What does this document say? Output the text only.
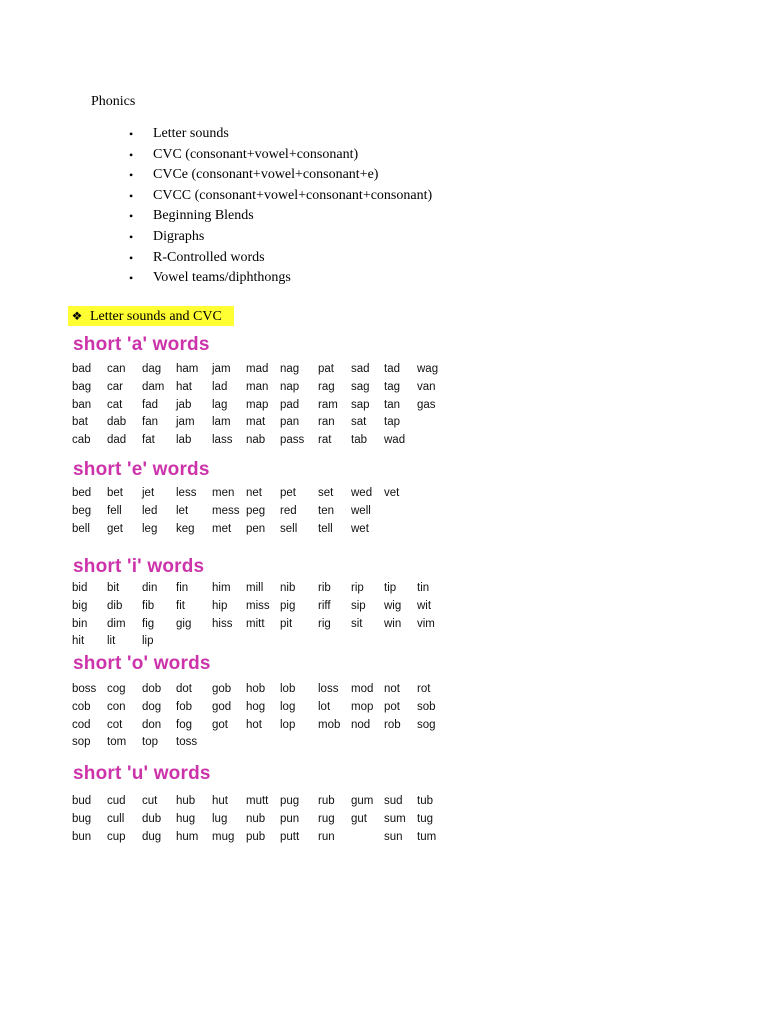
Phonics
• Letter sounds
• CVC (consonant+vowel+consonant)
• CVCe (consonant+vowel+consonant+e)
• CVCC (consonant+vowel+consonant+consonant)
• Beginning Blends
• Digraphs
• R-Controlled words
• Vowel teams/diphthongs
❖ Letter sounds and CVC
short 'a' words
bad can dag ham jam mad nag pat sad tad wag
bag car dam hat lad man nap rag sag tag van
ban cat fad jab lag map pad ram sap tan gas
bat dab fan jam lam mat pan ran sat tap
cab dad fat lab lass nab pass rat tab wad
short 'e' words
bed bet jet less men net pet set wed vet
beg fell led let mess peg red ten well
bell get leg keg met pen sell tell wet
short 'i' words
bid bit din fin him mill nib rib rip tip tin
big dib fib fit hip miss pig riff sip wig wit
bin dim fig gig hiss mitt pit rig sit win vim
hit lit lip
short 'o' words
boss cog dob dot gob hob lob loss mod not rot
cob con dog fob god hog log lot mop pot sob
cod cot don fog got hot lop mob nod rob sog
sop tom top toss
short 'u' words
bud cud cut hub hut mutt pug rub gum sud tub
bug cull dub hug lug nub pun rug gut sum tug
bun cup dug hum mug pub putt run	sun tum
